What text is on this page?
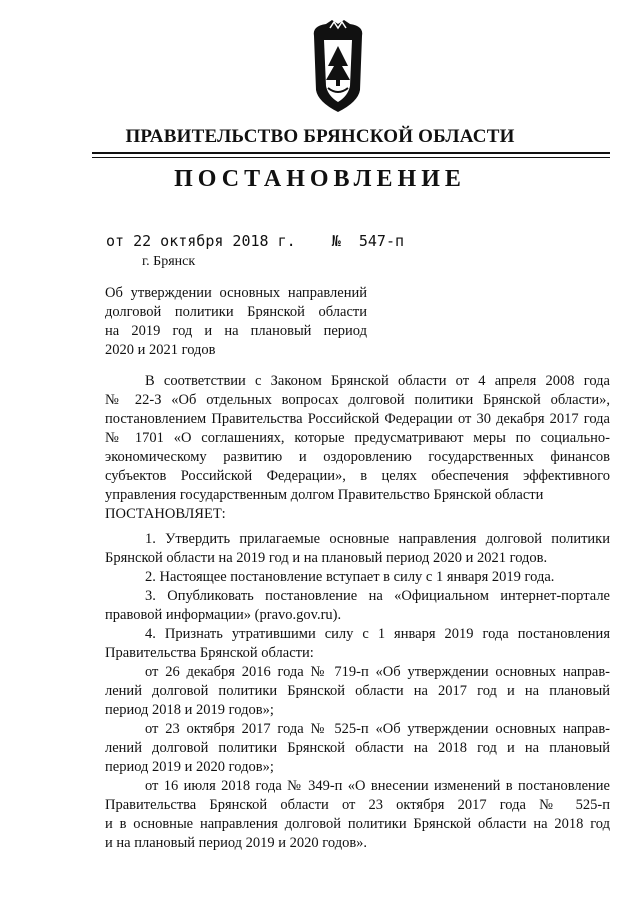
ПРАВИТЕЛЬСТВО БРЯНСКОЙ ОБЛАСТИ
ПОСТАНОВЛЕНИЕ
от 22 октября 2018 г.    №  547-п
г. Брянск
Об утверждении основных направлений
долговой политики Брянской области
на 2019 год и на плановый период
2020 и 2021 годов
В соответствии с Законом Брянской области от 4 апреля 2008 года
№ 22-З «Об отдельных вопросах долговой политики Брянской области»,
постановлением Правительства Российской Федерации от 30 декабря 2017 года
№ 1701 «О соглашениях, которые предусматривают меры по социально-
экономическому развитию и оздоровлению государственных финансов
субъектов Российской Федерации», в целях обеспечения эффективного
управления государственным долгом Правительство Брянской области
ПОСТАНОВЛЯЕТ:
1. Утвердить прилагаемые основные направления долговой политики
Брянской области на 2019 год и на плановый период 2020 и 2021 годов.
2. Настоящее постановление вступает в силу с 1 января 2019 года.
3. Опубликовать постановление на «Официальном интернет-портале
правовой информации» (pravo.gov.ru).
4. Признать утратившими силу с 1 января 2019 года постановления
Правительства Брянской области:
от 26 декабря 2016 года № 719-п «Об утверждении основных направ-
лений долговой политики Брянской области на 2017 год и на плановый
период 2018 и 2019 годов»;
от 23 октября 2017 года № 525-п «Об утверждении основных направ-
лений долговой политики Брянской области на 2018 год и на плановый
период 2019 и 2020 годов»;
от 16 июля 2018 года № 349-п «О внесении изменений в постановление
Правительства Брянской области от 23 октября 2017 года № 525-п
и в основные направления долговой политики Брянской области на 2018 год
и на плановый период 2019 и 2020 годов».
